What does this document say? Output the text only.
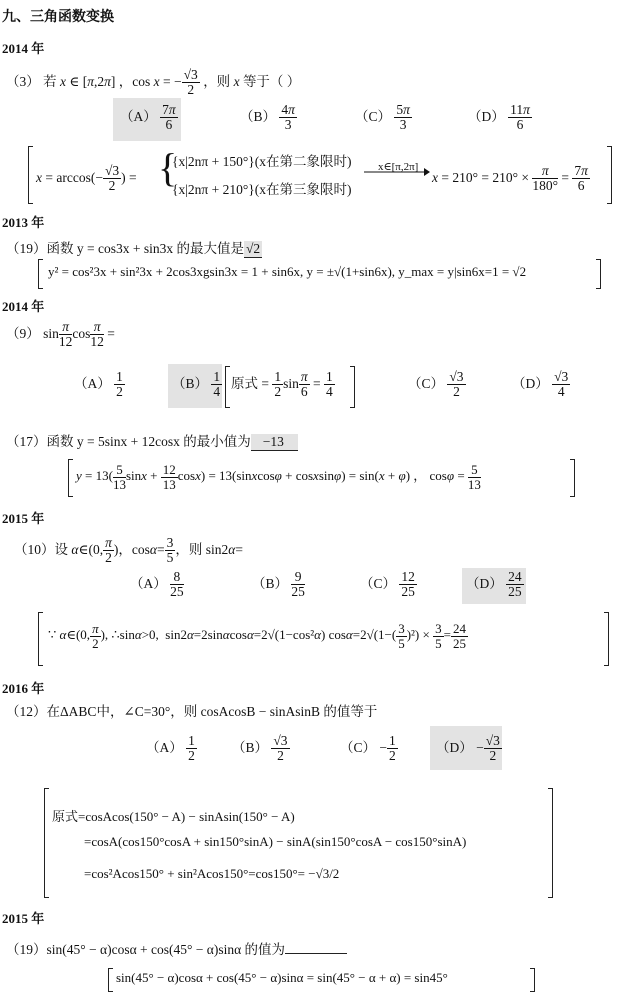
九、三角函数变换
2014 年
（3） 若 x ∈ [π,2π] ，cos x = − $\frac{√3}{2}$ ，则 x 等于（ ）
$(A) \frac{7\pi}{6}$	$(B) \frac{4\pi}{3}$	$(C) \frac{5\pi}{3}$	$(D) \frac{11\pi}{6}$
$x = \arccos(- \frac{√3}{2}$ ) = {
{x|2nπ + 150°}(x在第二象限时)
{x|2nπ + 210°}(x在第三象限时)
x∈[π,2π]
$x = 210^\circ = 210^\circ \times \frac{\pi}{180^\circ} = \frac{7\pi}{6}$
2013 年
（19）函数 y = cos3x + sin3x 的最大值是 √2
y² = cos²3x + sin²3x + 2cos3xgsin3x = 1 + sin6x, y = ±√(1+sin6x), y_max = y|sin6x=1 = √2
2014 年
（9） $\sin \frac{\pi}{12}$ $\cos \frac{\pi}{12}$ =
$(A) \frac{1}{2}$	$(B) \frac{1}{4}$ 原式 = $\frac{1}{2}$ $\sin \frac{\pi}{6} = \frac{1}{4}$	$(C) \frac{√3}{2}$	$(D) \frac{√3}{4}$
（17）函数 y = 5sinx + 12cosx 的最小值为 −13
$y = 13( \frac{5}{13}$ $\sin x + \frac{12}{13} \cos x$) = 13(sinxcosφ + cosxsinφ) = sin(x + φ) ， $\cos\varphi = \frac{5}{13}$
2015 年
（10）设 α∈(0, $\frac{\pi}{2}$ )，$\cos\alpha= \frac{3}{5}$ ，则 sin2α=
$(A) \frac{8}{25}$	$(B) \frac{9}{25}$	$(C) \frac{12}{25}$	$(D) \frac{24}{25}$
∵ α∈(0, $\frac{\pi}{2}$ ), ∴sinα>0,  sin2α=2sinαcosα=2√(1−cos²α) $\cos\alpha=2√(1-( \frac{3}{5} )^2) \times \frac{3}{5} = \frac{24}{25}$
2016 年
（12）在ΔABC中，∠C=30°，则 cosAcosB − sinAsinB 的值等于
$(A) \frac{1}{2}$	$(B) \frac{√3}{2}$	$(C) - \frac{1}{2}$	$(D) - \frac{√3}{2}$
原式=cosAcos(150° − A) − sinAsin(150° − A)
=cosA(cos150°cosA + sin150°sinA) − sinA(sin150°cosA − cos150°sinA)
=cos²Acos150° + sin²Acos150°=cos150°= −√3/2
2015 年
（19）sin(45° − α)cosα + cos(45° − α)sinα 的值为
sin(45° − α)cosα + cos(45° − α)sinα = sin(45° − α + α) = sin45°
